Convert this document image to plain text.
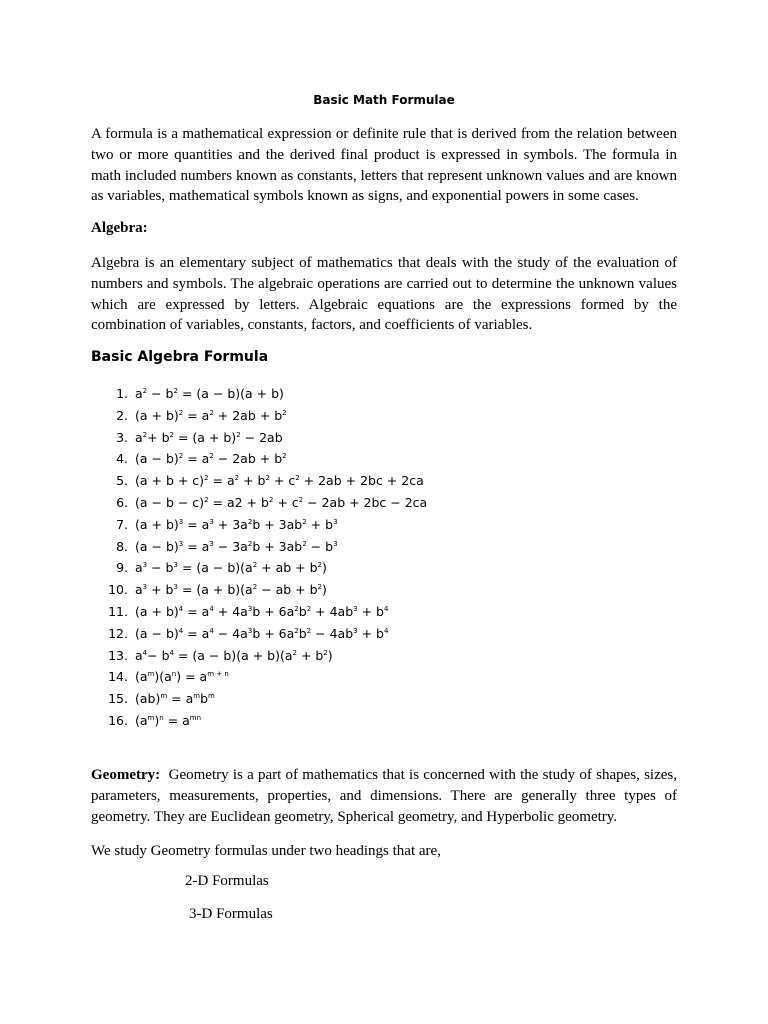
Basic Math Formulae

A formula is a mathematical expression or definite rule that is derived from the relation between two or more quantities and the derived final product is expressed in symbols. The formula in math included numbers known as constants, letters that represent unknown values and are known as variables, mathematical symbols known as signs, and exponential powers in some cases.

Algebra:

Algebra is an elementary subject of mathematics that deals with the study of the evaluation of numbers and symbols. The algebraic operations are carried out to determine the unknown values which are expressed by letters. Algebraic equations are the expressions formed by the combination of variables, constants, factors, and coefficients of variables.

Basic Algebra Formula
1. $a^2 - b^2 = (a - b)(a + b)$
2. $(a + b)^2 = a^2 + 2ab + b^2$
3. $a^2+ b^2 = (a + b)^2 - 2ab$
4. $(a - b)^2 = a^2 - 2ab + b^2$
5. $(a + b + c)^2 = a^2 + b^2 + c^2 + 2ab + 2bc + 2ca$
6. $(a - b - c)^2 = a2 + b^2 + c^2 - 2ab + 2bc - 2ca$
7. $(a + b)^3 = a^3 + 3a^2b + 3ab^2 + b^3$
8. $(a - b)^3 = a^3 - 3a^2b + 3ab^2 - b^3$
9. $a^3 - b^3 = (a - b)(a^2$ + ab + $b^2$)
10. $a^3 + b^3 = (a + b)(a^2$ − ab + $b^2$)
11. $(a + b)^4 = a^4 + 4a^3b + 6a^2b^2 + 4ab^3 + b^4$
12. $(a - b)^4 = a^4 - 4a^3b + 6a^2b^2 - 4ab^3 + b^4$
13. $a^4- b^4 = (a - b)(a + b)(a^2 + b^2)$
14. $(a^m)(a^n) = a^{m + n}$
15. $(ab)^m = a^mb^m$
16. $(a^m)^n = a^{mn}$

Geometry: Geometry is a part of mathematics that is concerned with the study of shapes, sizes, parameters, measurements, properties, and dimensions. There are generally three types of geometry. They are Euclidean geometry, Spherical geometry, and Hyperbolic geometry.

We study Geometry formulas under two headings that are,

2-D Formulas
3-D Formulas
